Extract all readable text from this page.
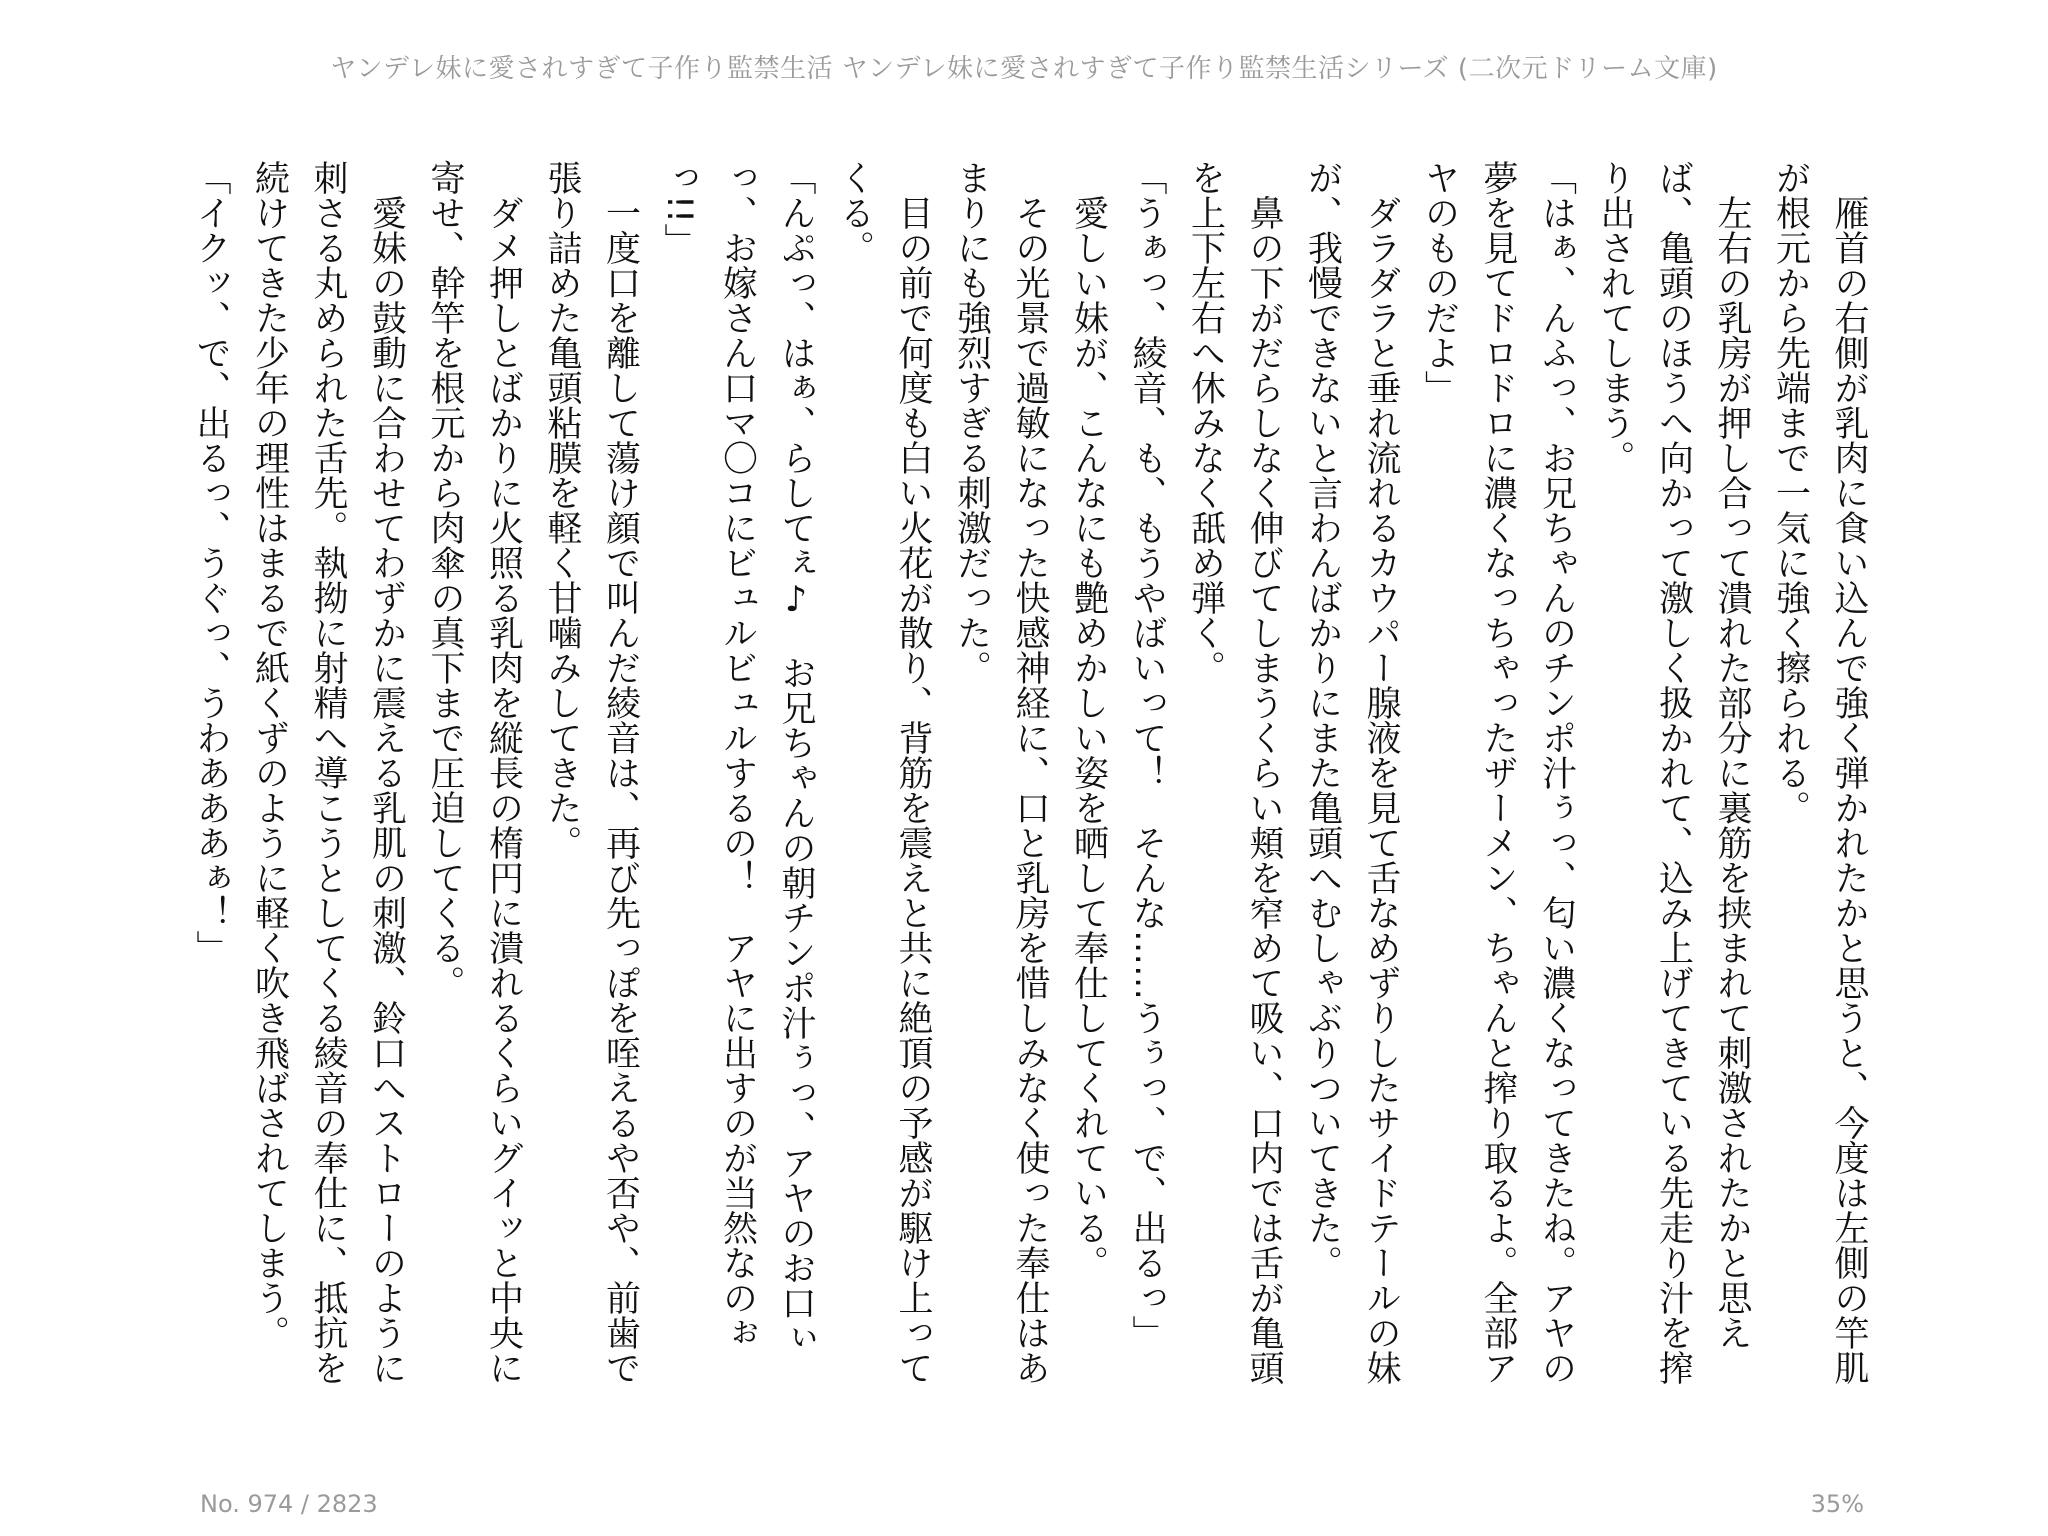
ヤンデレ妹に愛されすぎて子作り監禁生活 ヤンデレ妹に愛されすぎて子作り監禁生活シリーズ (二次元ドリーム文庫)

雁首の右側が乳肉に食い込んで強く弾かれたかと思うと、今度は左側の竿肌が根元から先端まで一気に強く擦られる。

左右の乳房が押し合って潰れた部分に裏筋を挟まれて刺激されたかと思えば、亀頭のほうへ向かって激しく扱かれて、込み上げてきている先走り汁を搾り出されてしまう。

「はぁ、んふっ、お兄ちゃんのチンポ汁ぅっ、匂い濃くなってきたね。アヤの夢を見てドロドロに濃くなっちゃったザーメン、ちゃんと搾り取るよ。全部アヤのものだよ」

ダラダラと垂れ流れるカウパー腺液を見て舌なめずりしたサイドテールの妹が、我慢できないと言わんばかりにまた亀頭へむしゃぶりついてきた。

鼻の下がだらしなく伸びてしまうくらい頬を窄めて吸い、口内では舌が亀頭を上下左右へ休みなく舐め弾く。

「うぁっ、綾音、も、もうやばいって！　そんな……うぅっ、で、出るっ」

愛しい妹が、こんなにも艶めかしい姿を晒して奉仕してくれている。

その光景で過敏になった快感神経に、口と乳房を惜しみなく使った奉仕はあまりにも強烈すぎる刺激だった。

目の前で何度も白い火花が散り、背筋を震えと共に絶頂の予感が駆け上ってくる。

「んぷっ、はぁ、らしてぇ♪　お兄ちゃんの朝チンポ汁ぅっ、アヤのお口ぃっ、お嫁さん口マ〇コにビュルビュルするの！　アヤに出すのが当然なのぉっ!!」

一度口を離して蕩け顔で叫んだ綾音は、再び先っぽを咥えるや否や、前歯で張り詰めた亀頭粘膜を軽く甘噛みしてきた。

ダメ押しとばかりに火照る乳肉を縦長の楕円に潰れるくらいグイッと中央に寄せ、幹竿を根元から肉傘の真下まで圧迫してくる。

愛妹の鼓動に合わせてわずかに震える乳肌の刺激、鈴口へストローのように刺さる丸められた舌先。執拗に射精へ導こうとしてくる綾音の奉仕に、抵抗を続けてきた少年の理性はまるで紙くずのように軽く吹き飛ばされてしまう。

「イクッ、で、出るっ、うぐっ、うわあああぁ！」

No. 974 / 2823	35%
